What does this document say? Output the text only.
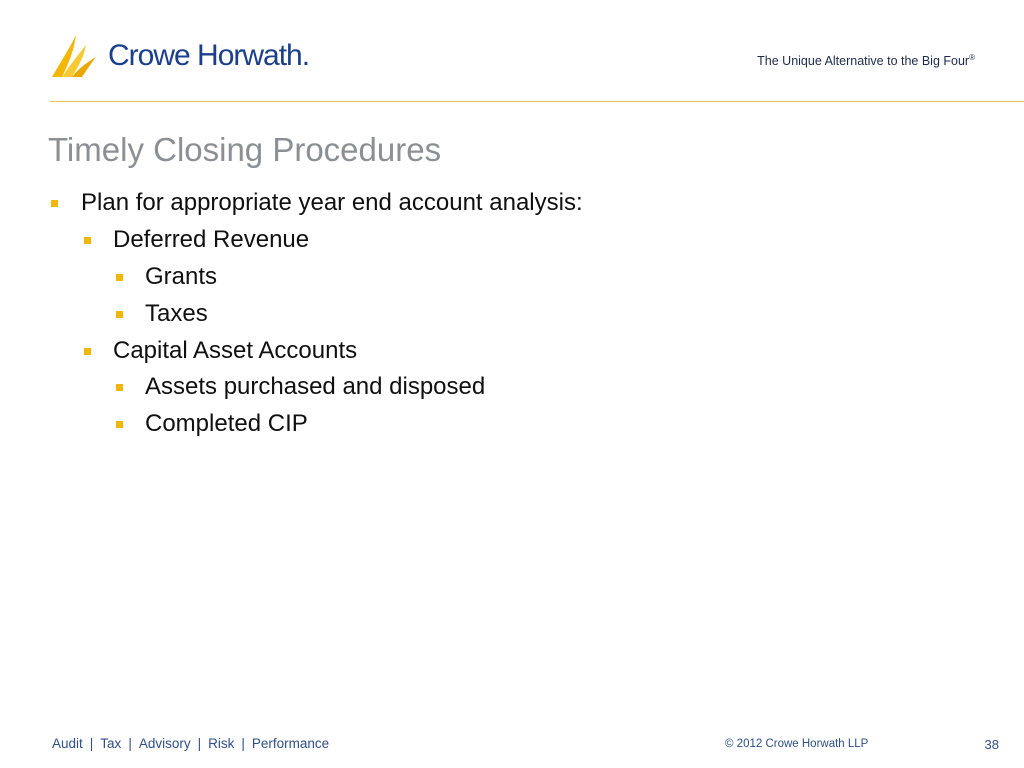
Crowe Horwath.	The Unique Alternative to the Big Four®
Timely Closing Procedures
Plan for appropriate year end account analysis:
Deferred Revenue
Grants
Taxes
Capital Asset Accounts
Assets purchased and disposed
Completed CIP
Audit | Tax | Advisory | Risk | Performance	© 2012 Crowe Horwath LLP	38
